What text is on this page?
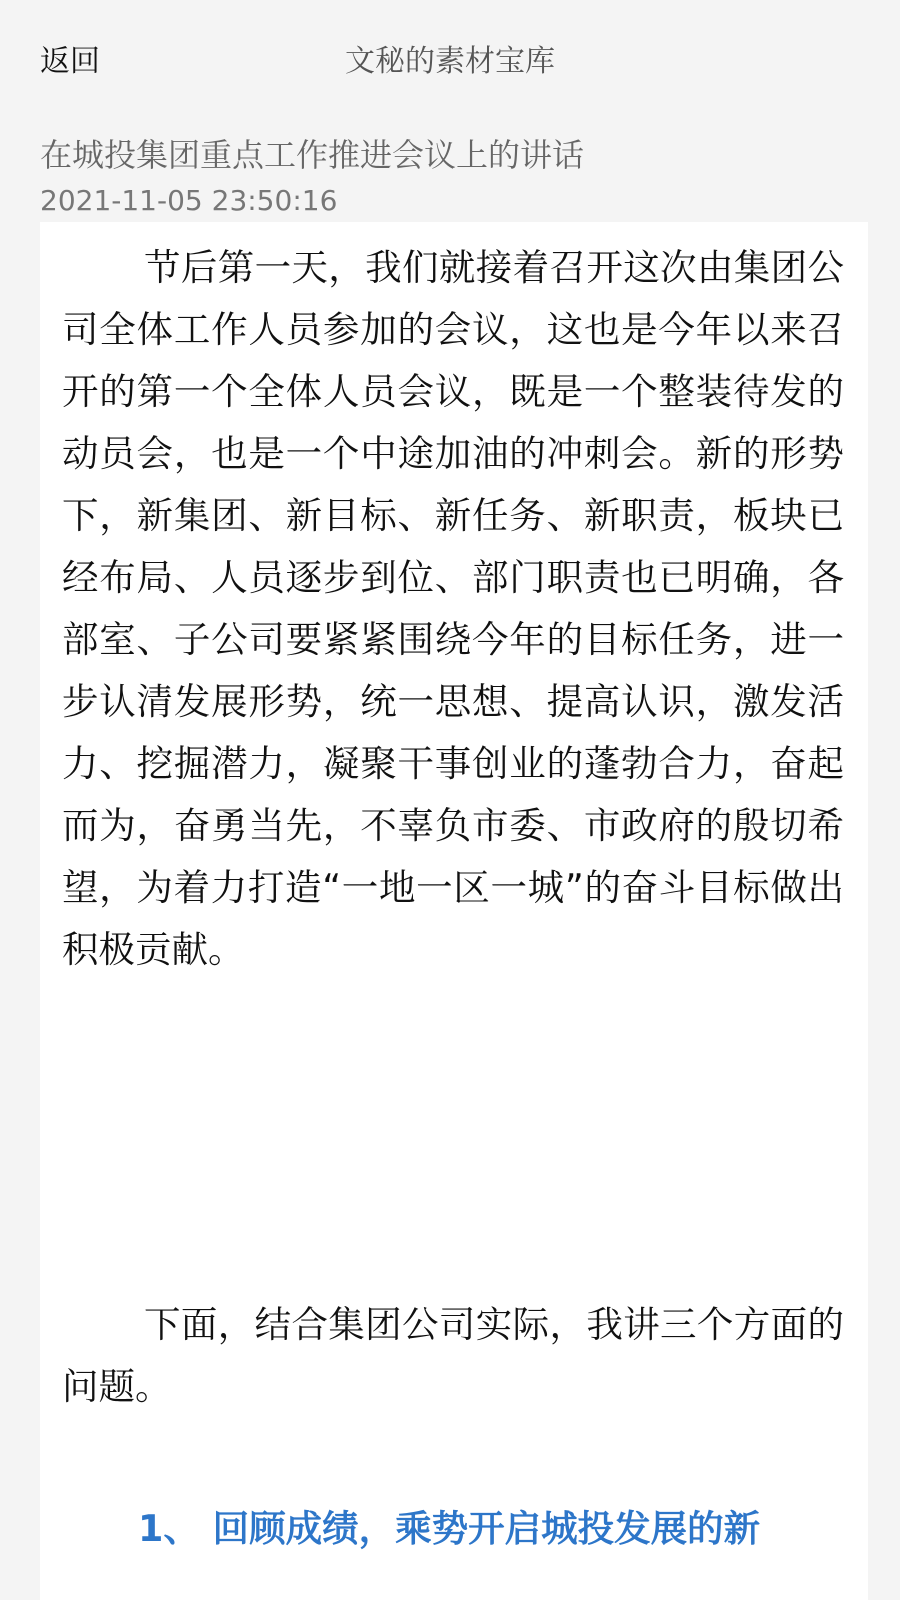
返回	文秘的素材宝库
在城投集团重点工作推进会议上的讲话
2021-11-05 23:50:16

节后第一天，我们就接着召开这次由集团公司全体工作人员参加的会议，这也是今年以来召开的第一个全体人员会议，既是一个整装待发的动员会，也是一个中途加油的冲刺会。新的形势下，新集团、新目标、新任务、新职责，板块已经布局、人员逐步到位、部门职责也已明确，各部室、子公司要紧紧围绕今年的目标任务，进一步认清发展形势，统一思想、提高认识，激发活力、挖掘潜力，凝聚干事创业的蓬勃合力，奋起而为，奋勇当先，不辜负市委、市政府的殷切希望，为着力打造“一地一区一城”的奋斗目标做出积极贡献。

下面，结合集团公司实际，我讲三个方面的问题。

1、 回顾成绩，乘势开启城投发展的新
